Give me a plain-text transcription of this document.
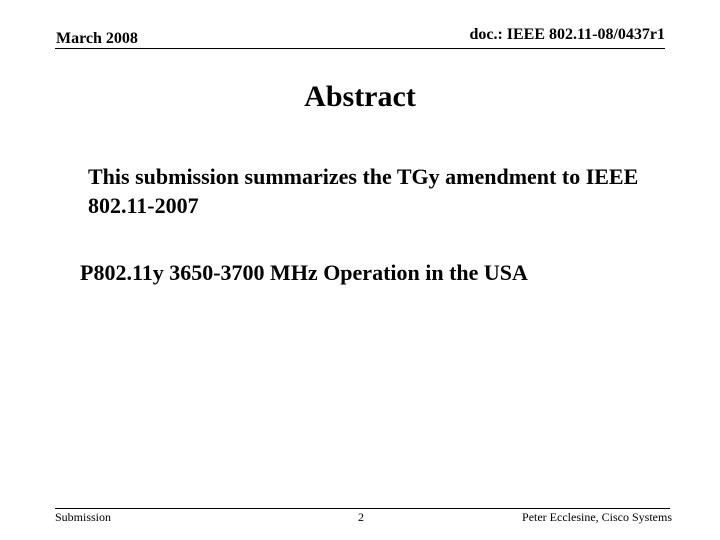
March 2008	doc.: IEEE 802.11-08/0437r1
Abstract
This submission summarizes the TGy amendment to IEEE 802.11-2007
P802.11y 3650-3700 MHz Operation in the USA
Submission	2	Peter Ecclesine, Cisco Systems
